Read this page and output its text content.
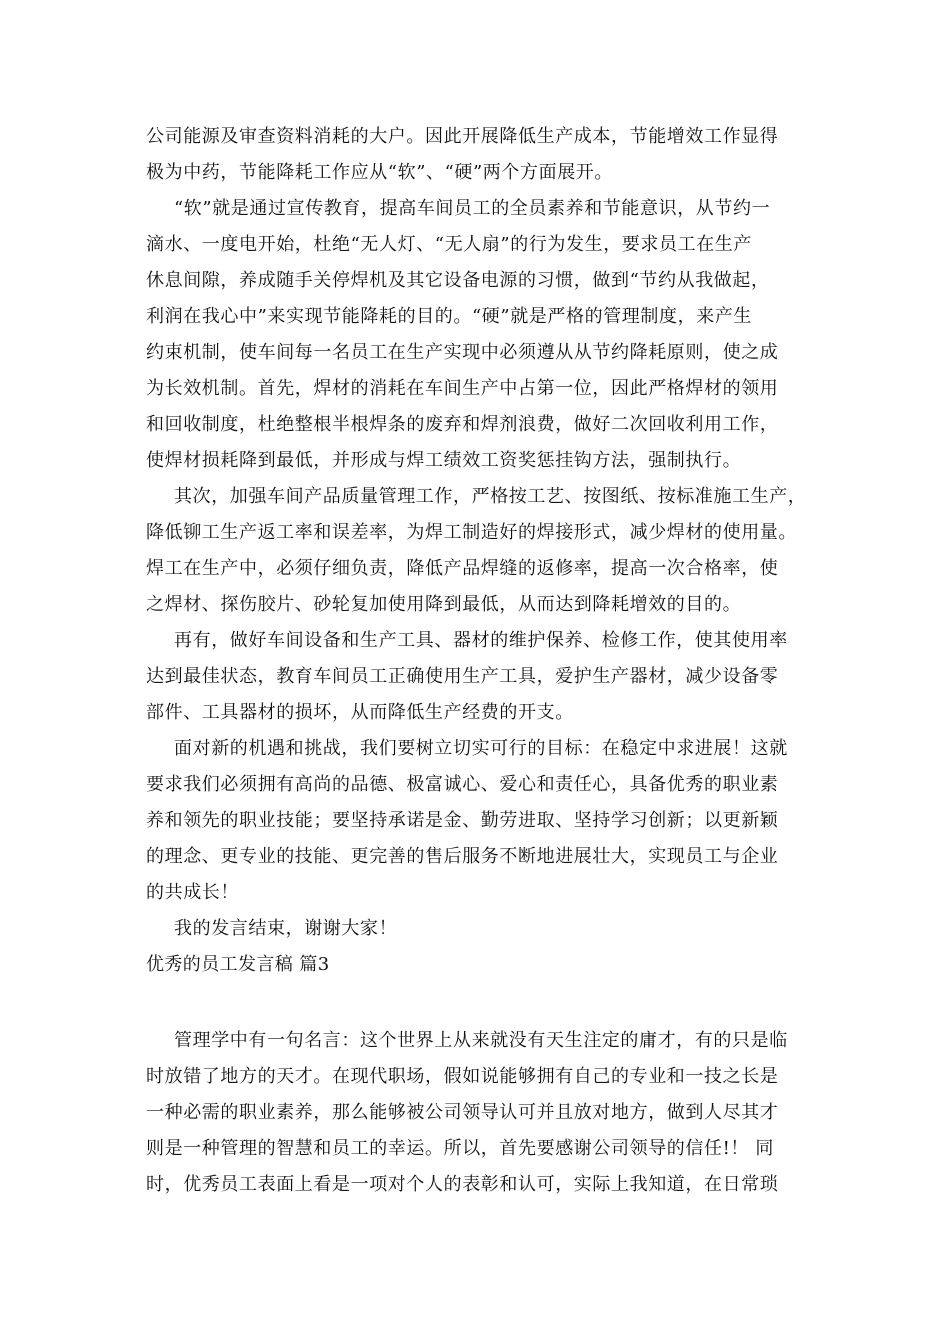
公司能源及审查资料消耗的大户。因此开展降低生产成本，节能增效工作显得
极为中药，节能降耗工作应从“软”、“硬”两个方面展开。
“软”就是通过宣传教育，提高车间员工的全员素养和节能意识，从节约一
滴水、一度电开始，杜绝“无人灯、“无人扇”的行为发生，要求员工在生产
休息间隙，养成随手关停焊机及其它设备电源的习惯，做到“节约从我做起，
利润在我心中”来实现节能降耗的目的。“硬”就是严格的管理制度，来产生
约束机制，使车间每一名员工在生产实现中必须遵从从节约降耗原则，使之成
为长效机制。首先，焊材的消耗在车间生产中占第一位，因此严格焊材的领用
和回收制度，杜绝整根半根焊条的废弃和焊剂浪费，做好二次回收利用工作，
使焊材损耗降到最低，并形成与焊工绩效工资奖惩挂钩方法，强制执行。
其次，加强车间产品质量管理工作，严格按工艺、按图纸、按标准施工生产，
降低铆工生产返工率和误差率，为焊工制造好的焊接形式，减少焊材的使用量。
焊工在生产中，必须仔细负责，降低产品焊缝的返修率，提高一次合格率，使
之焊材、探伤胶片、砂轮复加使用降到最低，从而达到降耗增效的目的。
再有，做好车间设备和生产工具、器材的维护保养、检修工作，使其使用率
达到最佳状态，教育车间员工正确使用生产工具，爱护生产器材，减少设备零
部件、工具器材的损坏，从而降低生产经费的开支。
面对新的机遇和挑战，我们要树立切实可行的目标：在稳定中求进展！这就
要求我们必须拥有高尚的品德、极富诚心、爱心和责任心，具备优秀的职业素
养和领先的职业技能；要坚持承诺是金、勤劳进取、坚持学习创新；以更新颖
的理念、更专业的技能、更完善的售后服务不断地进展壮大，实现员工与企业
的共成长！
我的发言结束，谢谢大家！
优秀的员工发言稿 篇3
管理学中有一句名言：这个世界上从来就没有天生注定的庸才，有的只是临
时放错了地方的天才。在现代职场，假如说能够拥有自己的专业和一技之长是
一种必需的职业素养，那么能够被公司领导认可并且放对地方，做到人尽其才
则是一种管理的智慧和员工的幸运。所以，首先要感谢公司领导的信任!！ 同
时，优秀员工表面上看是一项对个人的表彰和认可，实际上我知道，在日常琐
